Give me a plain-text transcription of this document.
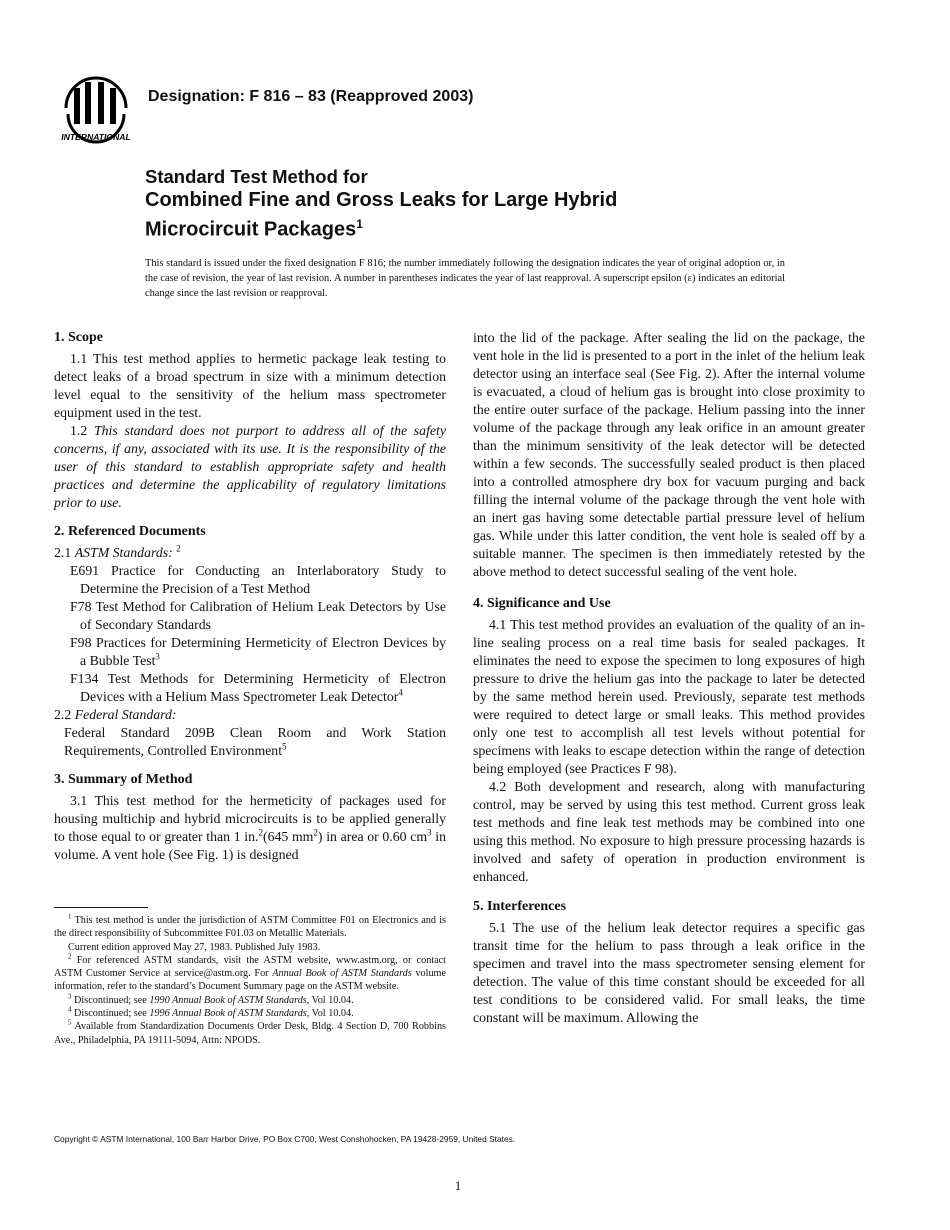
INTERNATIONAL
Designation: F 816 – 83 (Reapproved 2003)
Standard Test Method for
Combined Fine and Gross Leaks for Large Hybrid
Microcircuit Packages$^1$
This standard is issued under the fixed designation F 816; the number immediately following the designation indicates the year of original adoption or, in the case of revision, the year of last revision. A number in parentheses indicates the year of last reapproval. A superscript epsilon (ε) indicates an editorial change since the last revision or reapproval.
1. Scope

1.1 This test method applies to hermetic package leak testing to detect leaks of a broad spectrum in size with a minimum detection level equal to the sensitivity of the helium mass spectrometer equipment used in the test.

1.2 This standard does not purport to address all of the safety concerns, if any, associated with its use. It is the responsibility of the user of this standard to establish appropriate safety and health practices and determine the applicability of regulatory limitations prior to use.

2. Referenced Documents

2.1 ASTM Standards: $^2$

E691 Practice for Conducting an Interlaboratory Study to Determine the Precision of a Test Method

F78 Test Method for Calibration of Helium Leak Detectors by Use of Secondary Standards

F98 Practices for Determining Hermeticity of Electron Devices by a Bubble Test$^3$

F134 Test Methods for Determining Hermeticity of Electron Devices with a Helium Mass Spectrometer Leak Detector$^4$

2.2 Federal Standard:

Federal Standard 209B Clean Room and Work Station Requirements, Controlled Environment$^5$

3. Summary of Method

3.1 This test method for the hermeticity of packages used for housing multichip and hybrid microcircuits is to be applied generally to those equal to or greater than 1 in.$^2$(645 $mm^2$) in area or 0.60 $cm^3$ in volume. A vent hole (See Fig. 1) is designed

$^1$ This test method is under the jurisdiction of ASTM Committee F01 on Electronics and is the direct responsibility of Subcommittee F01.03 on Metallic Materials.

Current edition approved May 27, 1983. Published July 1983.

$^2$ For referenced ASTM standards, visit the ASTM website, www.astm.org, or contact ASTM Customer Service at service@astm.org. For Annual Book of ASTM Standards volume information, refer to the standard’s Document Summary page on the ASTM website.

$^3$ Discontinued; see 1990 Annual Book of ASTM Standards, Vol 10.04.

$^4$ Discontinued; see 1996 Annual Book of ASTM Standards, Vol 10.04.

$^5$ Available from Standardization Documents Order Desk, Bldg. 4 Section D, 700 Robbins Ave., Philadelphia, PA 19111-5094, Attn: NPODS.

into the lid of the package. After sealing the lid on the package, the vent hole in the lid is presented to a port in the inlet of the helium leak detector using an interface seal (See Fig. 2). After the internal volume is evacuated, a cloud of helium gas is brought into close proximity to the entire outer surface of the package. Helium passing into the inner volume of the package through any leak orifice in an amount greater than the minimum sensitivity of the leak detector will be detected within a few seconds. The successfully sealed product is then placed into a controlled atmosphere dry box for vacuum purging and back filling the internal volume of the package through the vent hole with an inert gas having some detectable partial pressure level of helium gas. While under this latter condition, the vent hole is sealed off by a suitable manner. The specimen is then immediately retested by the above method to detect successful sealing of the vent hole.

4. Significance and Use

4.1 This test method provides an evaluation of the quality of an in-line sealing process on a real time basis for sealed packages. It eliminates the need to expose the specimen to long exposures of high pressure to drive the helium gas into the package to later be detected by the same method herein used. Previously, separate test methods were required to detect large or small leaks. This method provides only one test to accomplish all test levels without potential for specimens with leaks to escape detection within the range of detection being employed (see Practices F 98).

4.2 Both development and research, along with manufacturing control, may be served by using this test method. Current gross leak test methods and fine leak test methods may be combined into one using this method. No exposure to high pressure processing hazards is involved and safety of operation in production environment is enhanced.

5. Interferences

5.1 The use of the helium leak detector requires a specific gas transit time for the helium to pass through a leak orifice in the specimen and travel into the mass spectrometer sensing element for detection. The value of this time constant should be exceeded for all test conditions to be considered valid. For small leaks, the time constant will be maximum. Allowing the

Copyright © ASTM International, 100 Barr Harbor Drive, PO Box C700, West Conshohocken, PA 19428-2959, United States.
1
